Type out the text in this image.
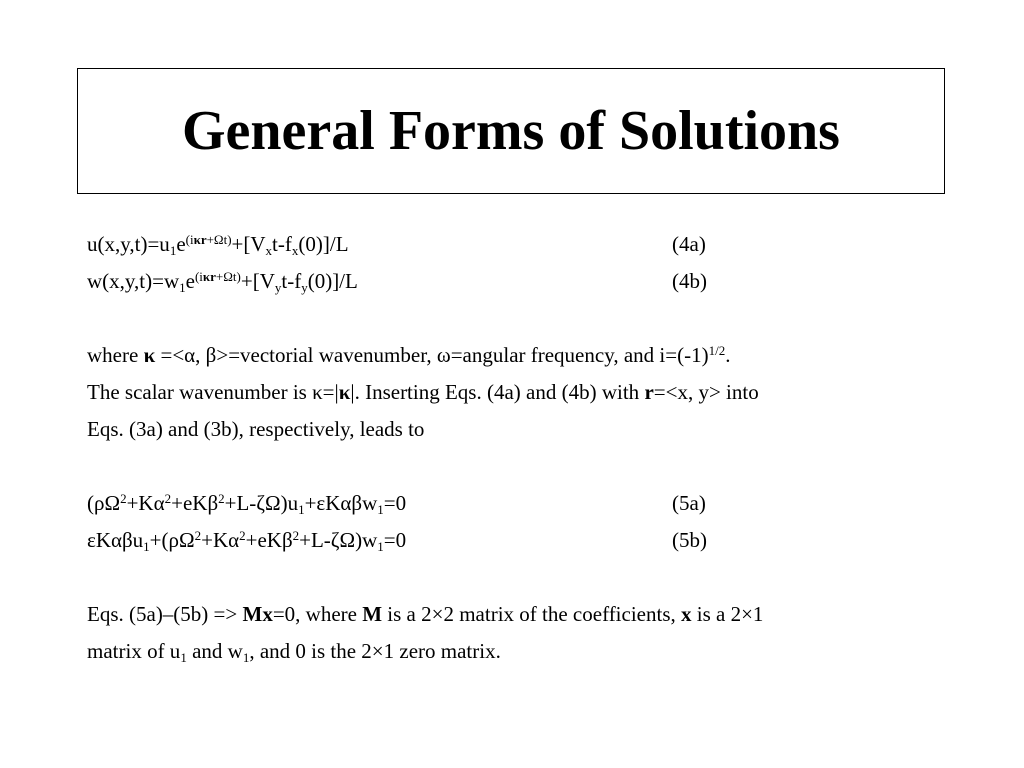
General Forms of Solutions
$u(x,y,t)=u_1e^{(i\kappa r+\Omega t)}+[V_xt-f_x(0)]/L$	(4a)
$w(x,y,t)=w_1e^{(i\kappa r+\Omega t)}+[V_yt-f_y(0)]/L$	(4b)
where κ =<α, β>=vectorial wavenumber, ω=angular frequency, and $i=(-1)^{1/2}$.
The scalar wavenumber is κ=|κ|. Inserting Eqs. (4a) and (4b) with r=<x, y> into
Eqs. (3a) and (3b), respectively, leads to
$(\rho\Omega^2+K\alpha^2+eK\beta^2+L-\zeta\Omega)u_1+\varepsilon K\alpha\beta w_1=0$	(5a)
$\varepsilon K\alpha\beta u_1+(\rho\Omega^2+K\alpha^2+eK\beta^2+L-\zeta\Omega)w_1=0$	(5b)
Eqs. (5a)–(5b) => Mx=0, where M is a 2×2 matrix of the coefficients, x is a 2×1
matrix of $u_1$ and $w_1$, and 0 is the 2×1 zero matrix.
